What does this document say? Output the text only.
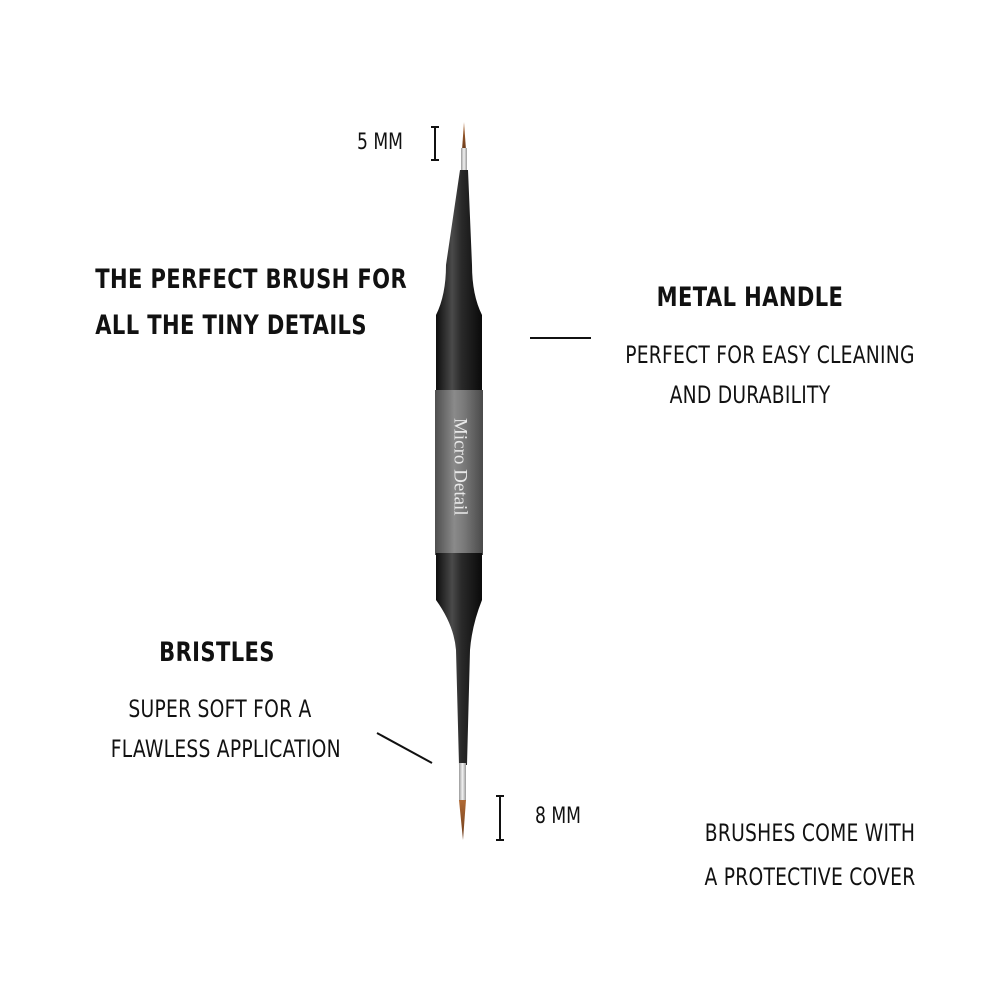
Micro Detail
5 MM
8 MM
THE PERFECT BRUSH FOR
ALL THE TINY DETAILS
METAL HANDLE
PERFECT FOR EASY CLEANING
AND DURABILITY
BRISTLES
SUPER SOFT FOR A
FLAWLESS APPLICATION
BRUSHES COME WITH
A PROTECTIVE COVER
